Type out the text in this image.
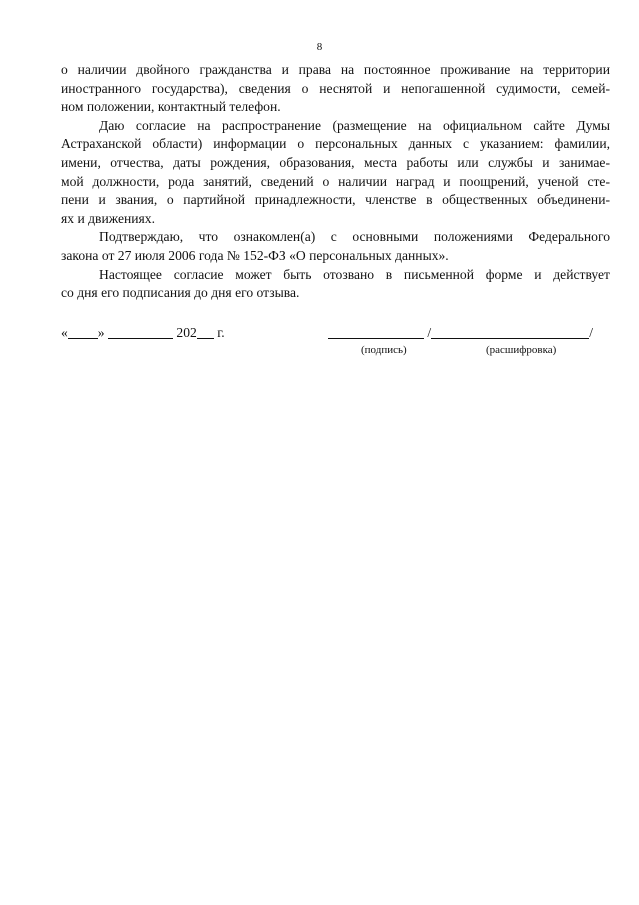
8
о наличии двойного гражданства и права на постоянное проживание на территории
иностранного государства), сведения о неснятой и непогашенной судимости, семей-
ном положении, контактный телефон.
Даю согласие на распространение (размещение на официальном сайте Думы
Астраханской области) информации о персональных данных с указанием: фамилии,
имени, отчества, даты рождения, образования, места работы или службы и занимае-
мой должности, рода занятий, сведений о наличии наград и поощрений, ученой сте-
пени и звания, о партийной принадлежности, членстве в общественных объединени-
ях и движениях.
Подтверждаю, что ознакомлен(а) с основными положениями Федерального
закона от 27 июля 2006 года № 152-ФЗ «О персональных данных».
Настоящее согласие может быть отозвано в письменной форме и действует
со дня его подписания до дня его отзыва.
« »	202 г.	/	/
(подпись)	(расшифровка)
